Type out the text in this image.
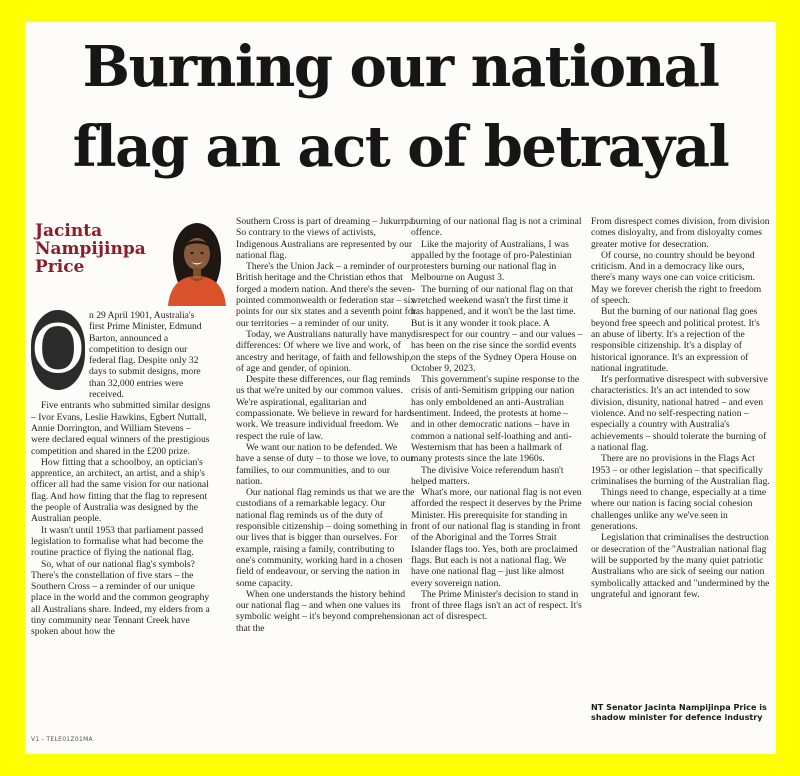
Burning our national
flag an act of betrayal
Jacinta
Nampijinpa
Price

O n 29 April 1901, Australia's first Prime Minister, Edmund Barton, announced a competition to design our federal flag. Despite only 32 days to submit designs, more than 32,000 entries were received.

Five entrants who submitted similar designs – Ivor Evans, Leslie Hawkins, Egbert Nuttall, Annie Dorrington, and William Stevens – were declared equal winners of the prestigious competition and shared in the £200 prize.

How fitting that a schoolboy, an optician's apprentice, an architect, an artist, and a ship's officer all had the same vision for our national flag. And how fitting that the flag to represent the people of Australia was designed by the Australian people.

It wasn't until 1953 that parliament passed legislation to formalise what had become the routine practice of flying the national flag.

So, what of our national flag's symbols? There's the constellation of five stars – the Southern Cross – a reminder of our unique place in the world and the common geography all Australians share. Indeed, my elders from a tiny community near Tennant Creek have spoken about how the

Southern Cross is part of dreaming – Jukurrpa. So contrary to the views of activists, Indigenous Australians are represented by our national flag.

There's the Union Jack – a reminder of our British heritage and the Christian ethos that forged a modern nation. And there's the seven-pointed commonwealth or federation star – six points for our six states and a seventh point for our territories – a reminder of our unity.

Today, we Australians naturally have many differences: Of where we live and work, of ancestry and heritage, of faith and fellowship, of age and gender, of opinion.

Despite these differences, our flag reminds us that we're united by our common values. We're aspirational, egalitarian and compassionate. We believe in reward for hard work. We treasure individual freedom. We respect the rule of law.

We want our nation to be defended. We have a sense of duty – to those we love, to our families, to our communities, and to our nation.

Our national flag reminds us that we are the custodians of a remarkable legacy. Our national flag reminds us of the duty of responsible citizenship – doing something in our lives that is bigger than ourselves. For example, raising a family, contributing to one's community, working hard in a chosen field of endeavour, or serving the nation in some capacity.

When one understands the history behind our national flag – and when one values its symbolic weight – it's beyond comprehension that the

burning of our national flag is not a criminal offence.

Like the majority of Australians, I was appalled by the footage of pro-Palestinian protesters burning our national flag in Melbourne on August 3.

The burning of our national flag on that wretched weekend wasn't the first time it has happened, and it won't be the last time. But is it any wonder it took place. A disrespect for our country – and our values – has been on the rise since the sordid events on the steps of the Sydney Opera House on October 9, 2023.

This government's supine response to the crisis of anti-Semitism gripping our nation has only emboldened an anti-Australian sentiment. Indeed, the protests at home – and in other democratic nations – have in common a national self-loathing and anti-Westernism that has been a hallmark of many protests since the late 1960s.

The divisive Voice referendum hasn't helped matters.

What's more, our national flag is not even afforded the respect it deserves by the Prime Minister. His prerequisite for standing in front of our national flag is standing in front of the Aboriginal and the Torres Strait Islander flags too. Yes, both are proclaimed flags. But each is not a national flag. We have one national flag – just like almost every sovereign nation.

The Prime Minister's decision to stand in front of three flags isn't an act of respect. It's an act of disrespect.

From disrespect comes division, from division comes disloyalty, and from disloyalty comes greater motive for desecration.

Of course, no country should be beyond criticism. And in a democracy like ours, there's many ways one can voice criticism. May we forever cherish the right to freedom of speech.

But the burning of our national flag goes beyond free speech and political protest. It's an abuse of liberty. It's a rejection of the responsible citizenship. It's a display of historical ignorance. It's an expression of national ingratitude.

It's performative disrespect with subversive characteristics. It's an act intended to sow division, disunity, national hatred – and even violence. And no self-respecting nation – especially a country with Australia's achievements – should tolerate the burning of a national flag.

There are no provisions in the Flags Act 1953 – or other legislation – that specifically criminalises the burning of the Australian flag.

Things need to change, especially at a time where our nation is facing social cohesion challenges unlike any we've seen in generations.

Legislation that criminalises the destruction or desecration of the "Australian national flag will be supported by the many quiet patriotic Australians who are sick of seeing our nation symbolically attacked and "undermined by the ungrateful and ignorant few.

NT Senator Jacinta Nampijinpa Price is shadow minister for defence industry
V1 - TELE01Z01MA
